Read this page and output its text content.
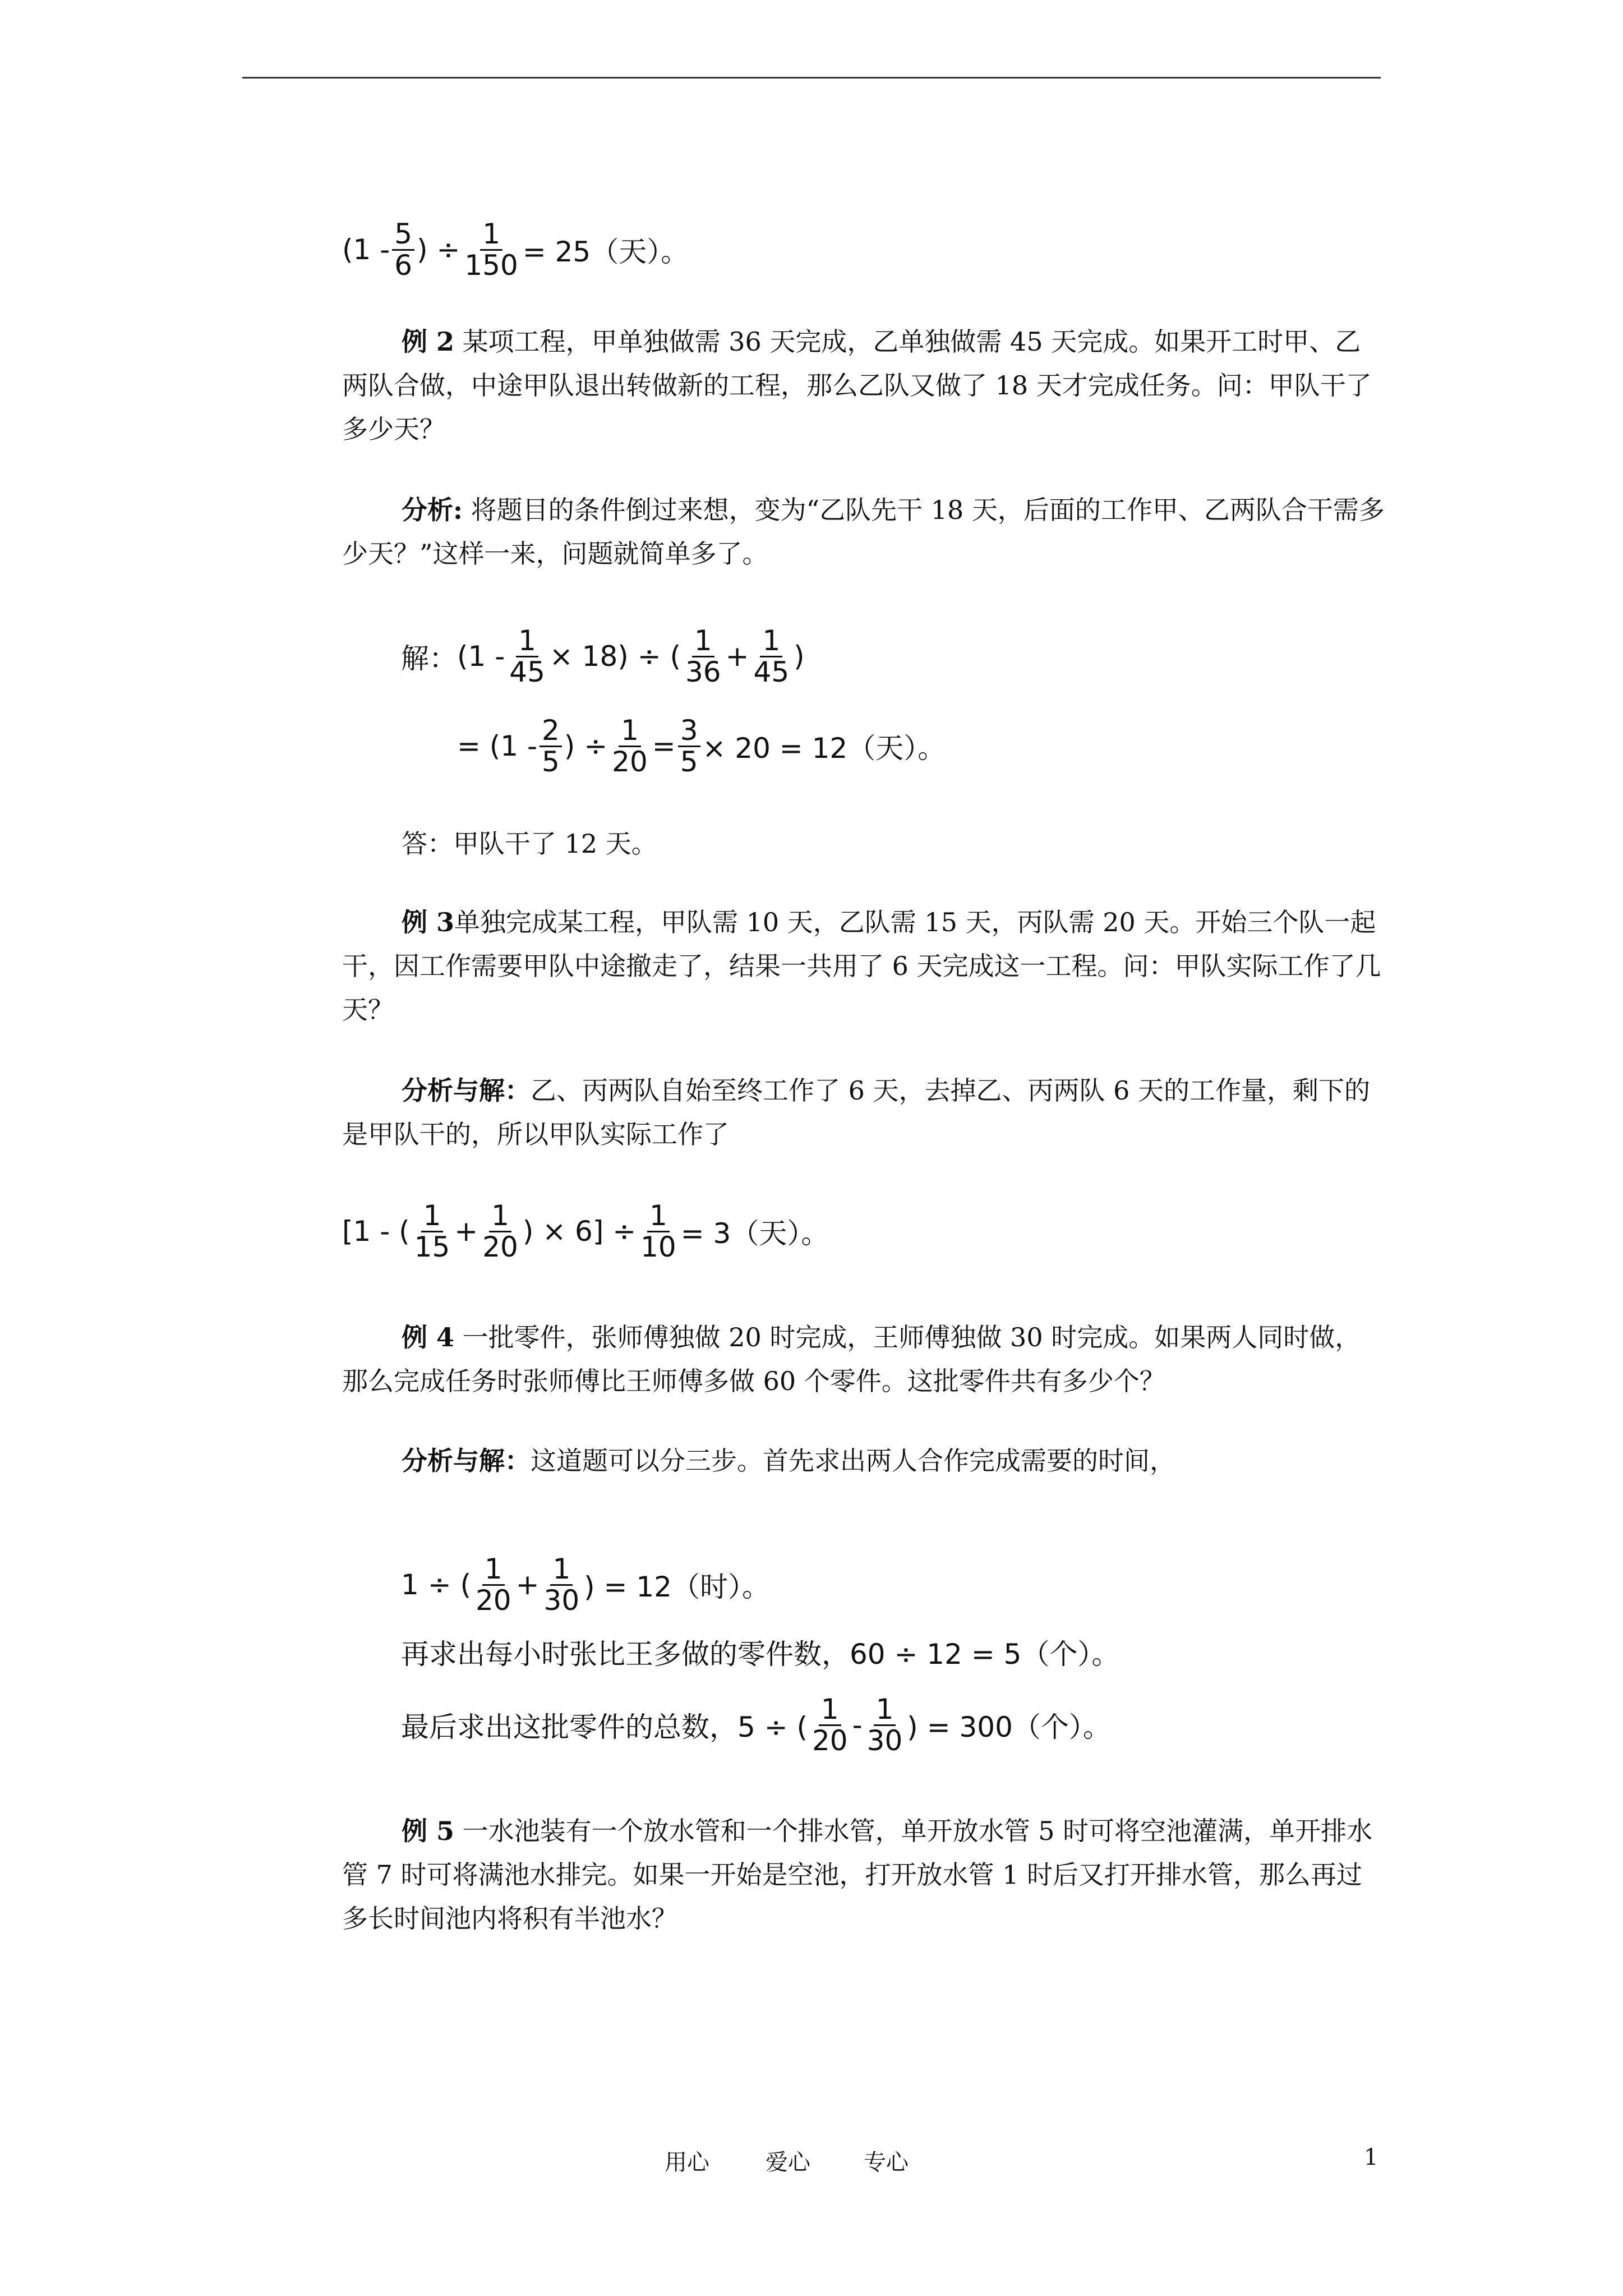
($1 - \frac{5}{6}$ ) ÷ $\frac{1}{150} = 25$（天）。

例 2 某项工程，甲单独做需 36 天完成，乙单独做需 45 天完成。如果开工时甲、乙两队合做，中途甲队退出转做新的工程，那么乙队又做了 18 天才完成任务。问：甲队干了多少天？

分析: 将题目的条件倒过来想，变为“乙队先干 18 天，后面的工作甲、乙两队合干需多少天？”这样一来，问题就简单多了。

解： $(1 - \frac{1}{45} \times 18)$ ÷ ( $\frac{1}{36} + \frac{1}{45}$ )
= ($1 - \frac{2}{5}$ ) ÷ $\frac{1}{20} = \frac{3}{5} \times 20 = 12$（天）。

答：甲队干了 12 天。

例 3单独完成某工程，甲队需 10 天，乙队需 15 天，丙队需 20 天。开始三个队一起干，因工作需要甲队中途撤走了，结果一共用了 6 天完成这一工程。问：甲队实际工作了几天？

分析与解：乙、丙两队自始至终工作了 6 天，去掉乙、丙两队 6 天的工作量，剩下的是甲队干的，所以甲队实际工作了

[1 - ( $\frac{1}{15} + \frac{1}{20}$ ) × $6] \div \frac{1}{10} = 3$（天）。

例 4 一批零件，张师傅独做 20 时完成，王师傅独做 30 时完成。如果两人同时做，那么完成任务时张师傅比王师傅多做 60 个零件。这批零件共有多少个？

分析与解：这道题可以分三步。首先求出两人合作完成需要的时间，

1 ÷ ( $\frac{1}{20} + \frac{1}{30}$ ) = 12（时）。
再求出每小时张比王多做的零件数，60 ÷ 12 = 5（个）。
最后求出这批零件的总数，5 ÷ ( $\frac{1}{20} - \frac{1}{30}$ ) = 300（个）。

例 5 一水池装有一个放水管和一个排水管，单开放水管 5 时可将空池灌满，单开排水管 7 时可将满池水排完。如果一开始是空池，打开放水管 1 时后又打开排水管，那么再过多长时间池内将积有半池水？

用心	爱心 专心	1
